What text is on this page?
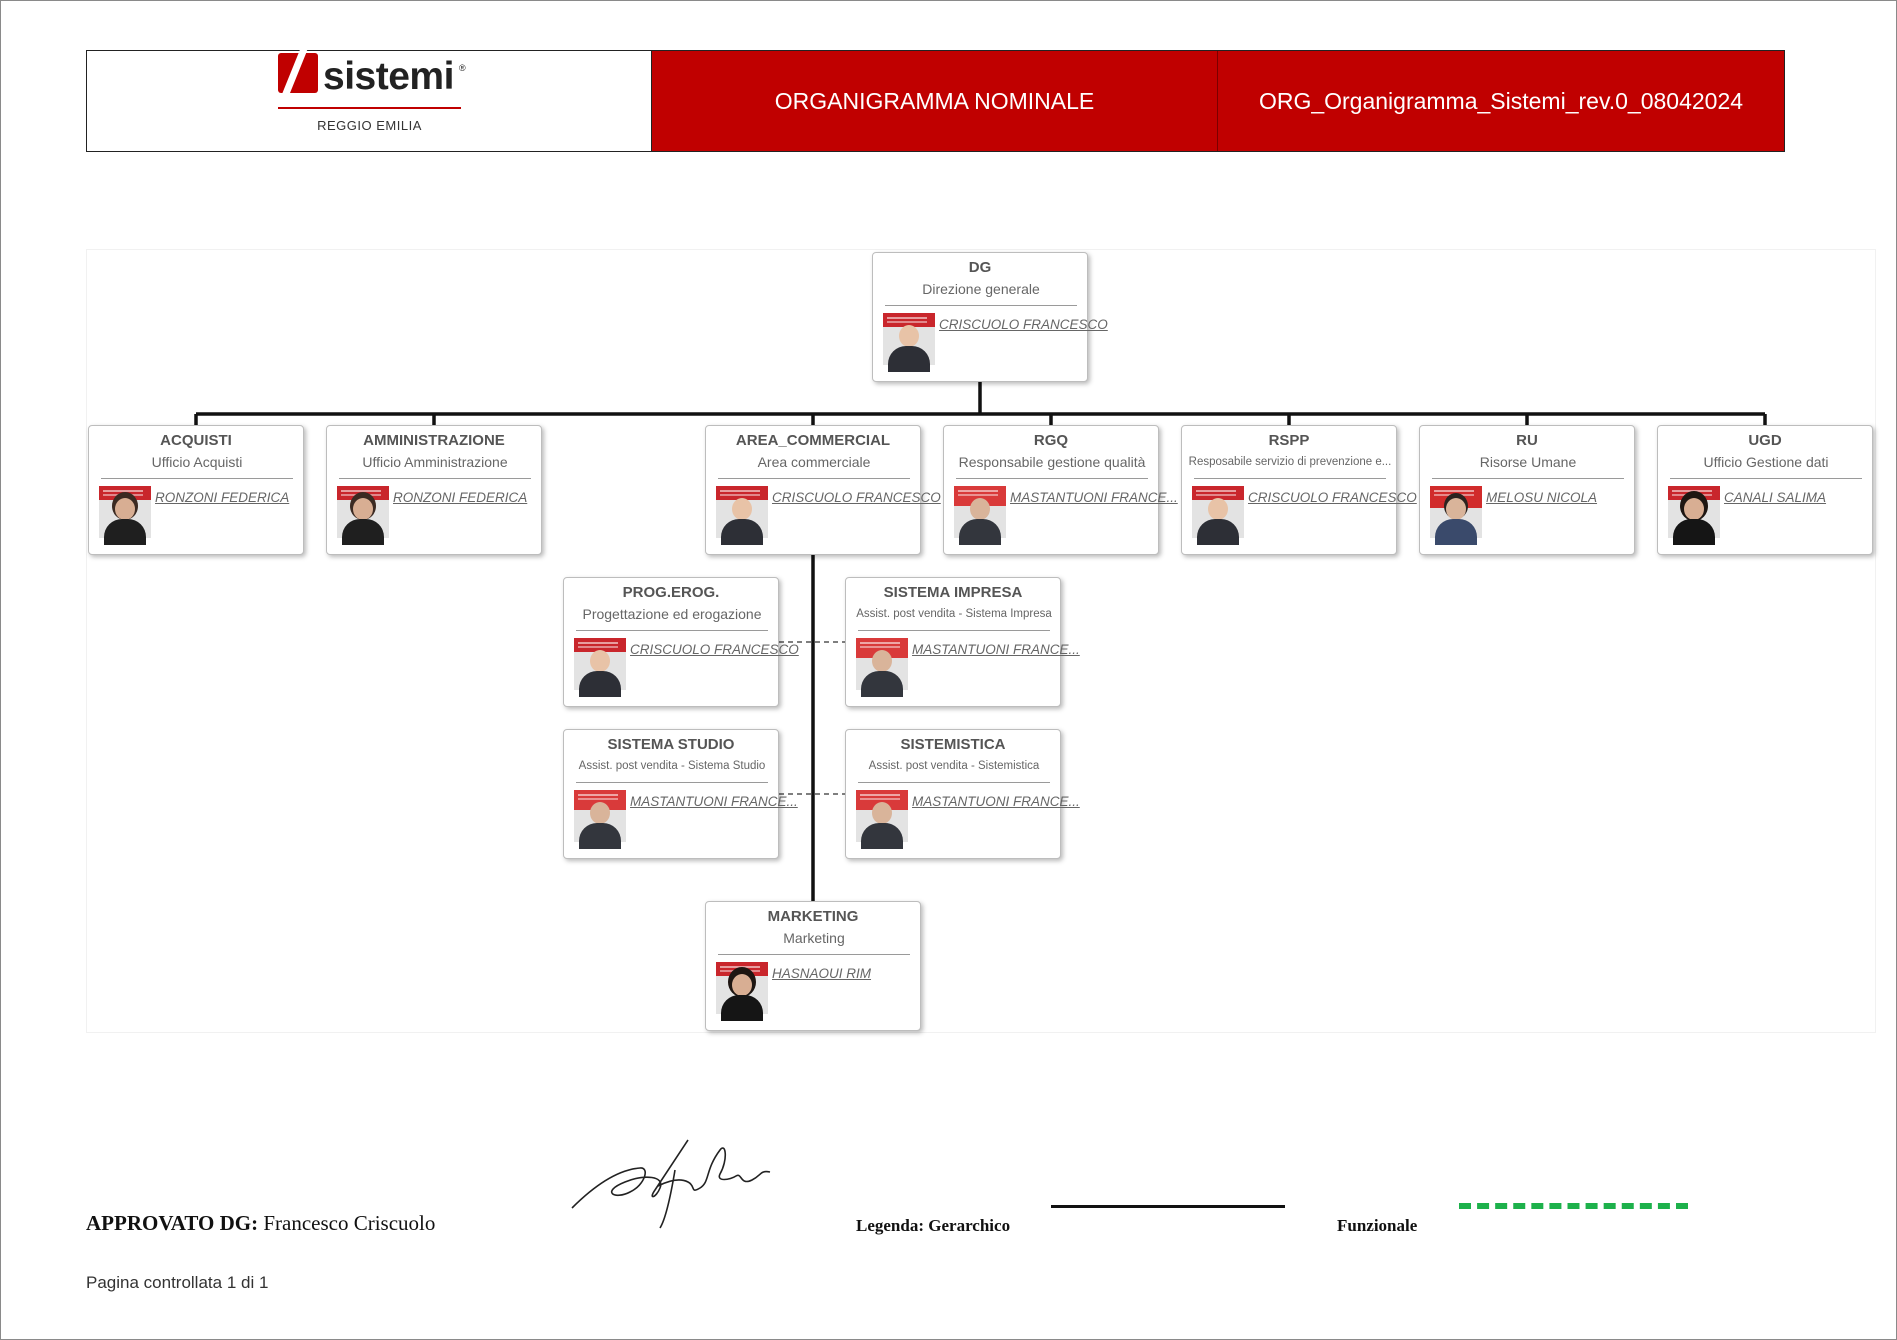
sistemi ®
REGGIO EMILIA
ORGANIGRAMMA NOMINALE	ORG_Organigramma_Sistemi_rev.0_08042024
DG
Direzione generale
CRISCUOLO FRANCESCO
ACQUISTI
Ufficio Acquisti
RONZONI FEDERICA
AMMINISTRAZIONE
Ufficio Amministrazione
RONZONI FEDERICA
AREA_COMMERCIAL
Area commerciale
CRISCUOLO FRANCESCO
RGQ
Responsabile gestione qualità
MASTANTUONI FRANCE...
RSPP
Resposabile servizio di prevenzione e...
CRISCUOLO FRANCESCO
RU
Risorse Umane
MELOSU NICOLA
UGD
Ufficio Gestione dati
CANALI SALIMA
PROG.EROG.
Progettazione ed erogazione
CRISCUOLO FRANCESCO
SISTEMA IMPRESA
Assist. post vendita - Sistema Impresa
MASTANTUONI FRANCE...
SISTEMA STUDIO
Assist. post vendita - Sistema Studio
MASTANTUONI FRANCE...
SISTEMISTICA
Assist. post vendita - Sistemistica
MASTANTUONI FRANCE...
MARKETING
Marketing
HASNAOUI RIM
APPROVATO DG: Francesco Criscuolo	Legenda: Gerarchico	Funzionale
Pagina controllata 1 di 1
